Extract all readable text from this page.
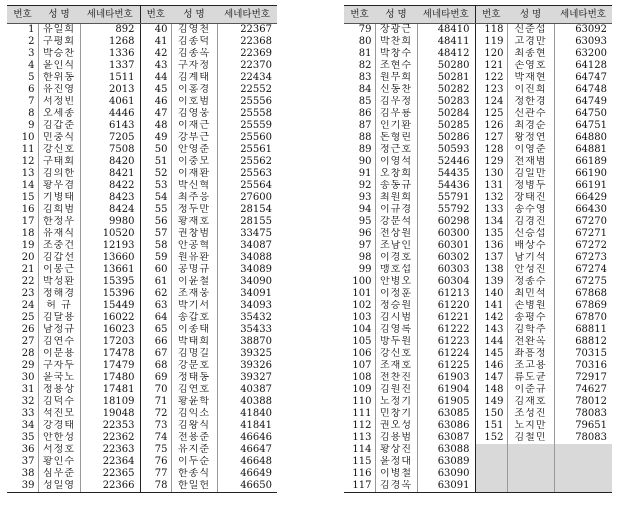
번호	성 명	세네타번호	번호	성 명	세네타번호
1	유일희	892	40	김영천	22367
2	구평회	1268	41	김종덕	22368
3	박승찬	1336	42	김종옥	22369
4	윤인식	1337	43	구자정	22370
5	한위동	1511	44	김계태	22434
6	유진영	2013	45	이홍경	22552
7	서정빈	4061	46	이호범	25556
8	오세종	4446	47	김영웅	25558
9	김갑준	6143	48	이재근	25559
10	민충식	7205	49	강부근	25560
11	강신호	7508	50	안영준	25561
12	구태회	8420	51	이중모	25562
13	김의한	8421	52	이재환	25563
14	황우겸	8422	53	박신혁	25564
15	기병태	8423	54	최주응	27600
16	김희범	8424	55	정두만	28154
17	한정우	9980	56	황재호	28155
18	유재식	10520	57	권창범	33475
19	조중건	12193	58	안공혁	34087
20	김갑선	13660	59	원유환	34088
21	이봉근	13661	60	공명규	34089
22	박성환	15395	61	이윤철	34090
23	정해경	15396	62	조재웅	34091
24	허 규	15449	63	박기서	34093
25	김달용	16022	64	송갑호	35432
26	남정규	16023	65	이종태	35433
27	김연수	17203	66	박태희	38870
28	이문용	17478	67	김명길	39325
29	구자두	17479	68	강문호	39326
30	윤국노	17480	69	정태동	39327
31	정용상	17481	70	김연호	40387
32	김덕수	18109	71	황윤학	40388
33	석진모	19048	72	김익소	41840
34	강경태	22353	73	김왕식	41841
35	안한성	22362	74	전용준	46646
36	서정호	22363	75	유지준	46647
37	황인수	22364	76	이두순	46648
38	심우준	22365	77	한종식	46649
39	성일영	22366	78	한일헌	46650
번호	성 명	세네타번호	번호	성 명	세네타번호
79	장광근	48410	118	신준섭	63092
80	박찬희	48411	119	고경만	63093
81	박창수	48412	120	최종현	63200
82	조현수	50280	121	손영호	64128
83	원무희	50281	122	박재현	64747
84	신동찬	50282	123	이진희	64748
85	김우정	50283	124	정한경	64749
86	김우룡	50284	125	신관수	64750
87	인기환	50285	126	최경순	64751
88	돈형린	50286	127	왕정연	64880
89	정근호	50593	128	이영준	64881
90	이영석	52446	129	전재범	66189
91	오창희	54435	130	김일만	66190
92	송동규	54436	131	정병두	66191
93	최원희	55791	132	장태진	66429
94	이규경	55792	133	송수영	66430
95	강문석	60298	134	김경진	67270
96	전상원	60300	135	신승섭	67271
97	조남인	60301	136	배상수	67272
98	이경호	60302	137	남기석	67273
99	맹호섭	60303	138	안성진	67274
100	안병오	60304	139	정종수	67275
101	이정훈	61213	140	최민석	67868
102	정승원	61220	141	손병원	67869
103	김시범	61221	142	송평수	67870
104	김영록	61222	143	김학주	68811
105	방두원	61223	144	전완옥	68812
106	강신호	61224	145	좌흥정	70315
107	조재호	61225	146	조고용	70316
108	전찬진	61903	147	류도균	72917
109	김원진	61904	148	이준규	74627
110	노정기	61905	149	김재호	78012
111	민창기	63085	150	조성진	78083
112	권오성	63086	151	노지만	79651
113	김용범	63087	152	김철민	78083
114	황상진	63088			
115	윤정대	63089			
116	이병철	63090			
117	김경옥	63091			
